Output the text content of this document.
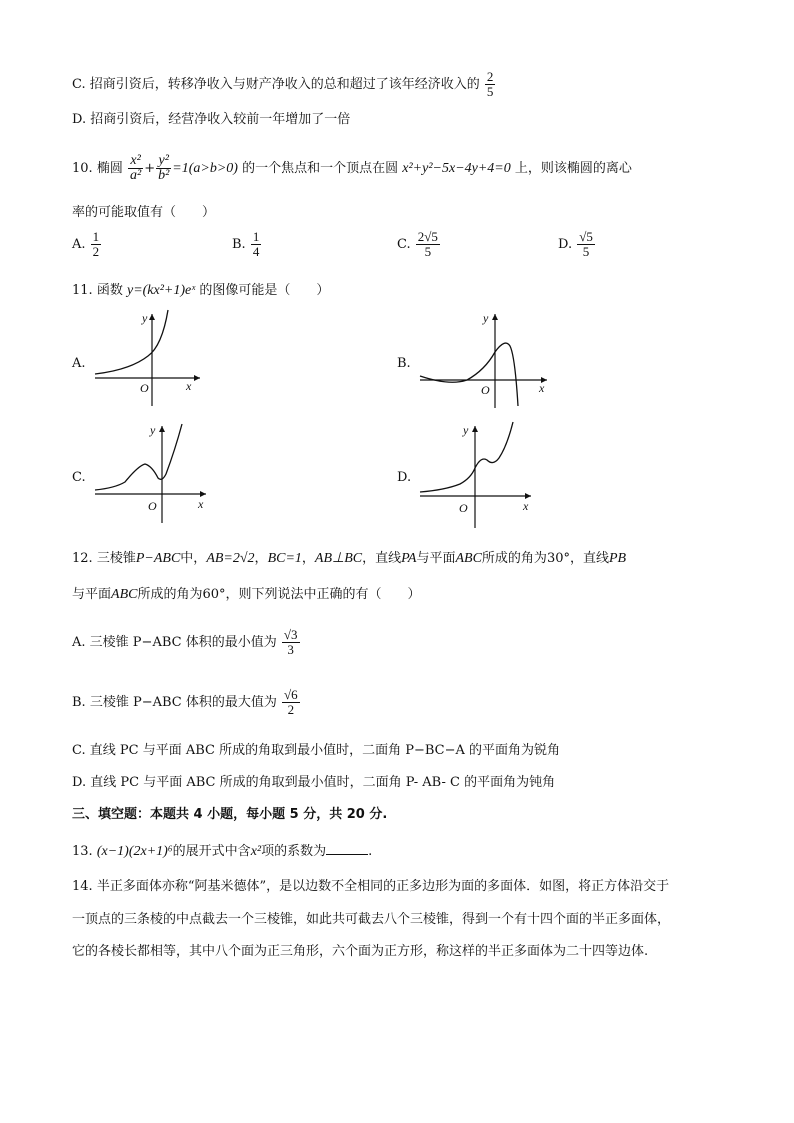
C. 招商引资后，转移净收入与财产净收入的总和超过了该年经济收入的 $\frac{2}{5}$
D. 招商引资后，经营净收入较前一年增加了一倍
10. 椭圆 $\frac{\text{x²}}{\text{a²}} + \frac{\text{y²}}{\text{b²}} =1(a>b>0)$ 的一个焦点和一个顶点在圆 x²+y²−5x−4y+4=0 上，则该椭圆的离心
率的可能取值有（　　）
A. $\frac{1}{2}$	B. $\frac{1}{4}$	C. $\frac{2√5}{5}$	D. $\frac{√5}{5}$
11. 函数 y=(kx²+1)eˣ 的图像可能是（　　）
A.
y
x
O
B.
y
x
O
C.
y
x
O
D.
y
x
O
12. 三棱锥P−ABC中，AB=2√2，BC=1，AB⊥BC，直线PA与平面ABC所成的角为30°，直线PB
与平面ABC所成的角为60°，则下列说法中正确的有（　　）
A. 三棱锥 P−ABC 体积的最小值为 $\frac{√3}{3}$
B. 三棱锥 P−ABC 体积的最大值为 $\frac{√6}{2}$
C. 直线 PC 与平面 ABC 所成的角取到最小值时，二面角 P−BC−A 的平面角为锐角
D. 直线 PC 与平面 ABC 所成的角取到最小值时，二面角 P- AB- C 的平面角为钝角
三、填空题：本题共 4 小题，每小题 5 分，共 20 分.
13. (x−1)(2x+1)⁶的展开式中含x²项的系数为	.
14. 半正多面体亦称“阿基米德体”，是以边数不全相同的正多边形为面的多面体．如图，将正方体沿交于
一顶点的三条棱的中点截去一个三棱锥，如此共可截去八个三棱锥，得到一个有十四个面的半正多面体，
它的各棱长都相等，其中八个面为正三角形，六个面为正方形，称这样的半正多面体为二十四等边体.
